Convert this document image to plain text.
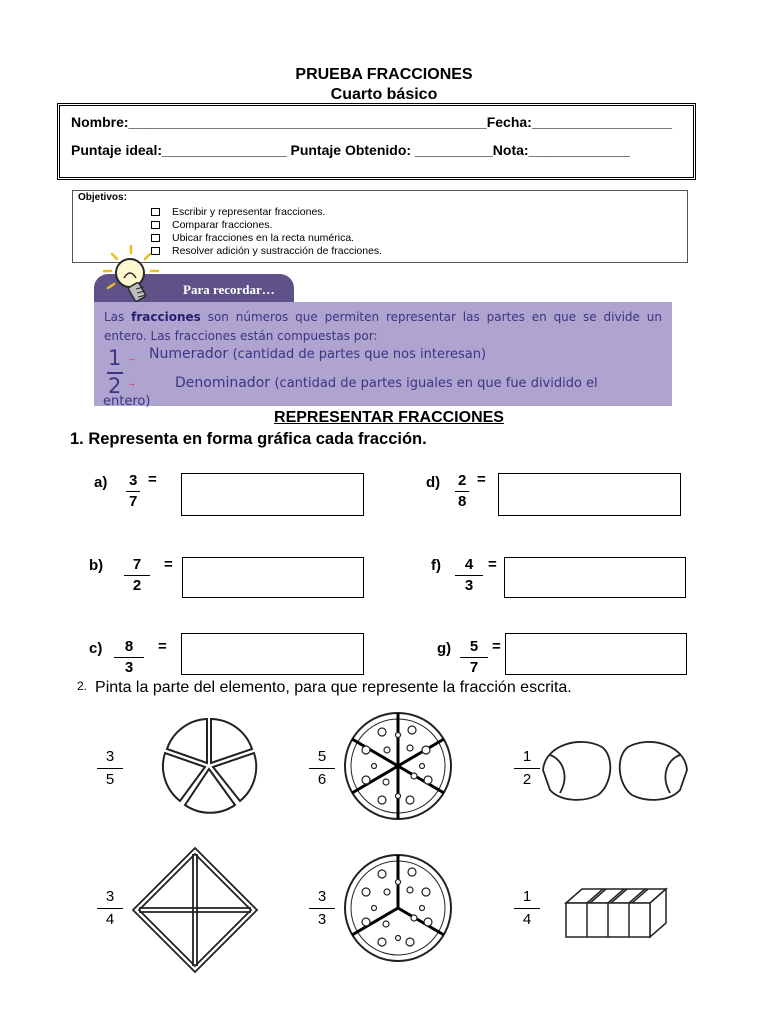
PRUEBA FRACCIONES
Cuarto básico
Nombre:______________________________________________Fecha:__________________
Puntaje ideal:________________ Puntaje Obtenido: __________Nota:_____________
Objetivos:
Escribir y representar fracciones.
Comparar fracciones.
Ubicar fracciones en la recta numérica.
Resolver adición y sustracción de fracciones.
Para recordar…
Las fracciones son números que permiten representar las partes en que se divide un entero. Las fracciones están compuestas por:
1
2
→
→
Numerador (cantidad de partes que nos interesan)
Denominador (cantidad de partes iguales en que fue dividido el
entero)
REPRESENTAR FRACCIONES
1. Representa en forma gráfica cada fracción.
$a) \frac{3}{7}$ =	$d) \frac{2}{8}$ =
$b) \frac{7}{2}$ =	$f) \frac{4}{3}$ =
$c) \frac{8}{3}$ =	$g) \frac{5}{7}$ =
2. Pinta la parte del elemento, para que represente la fracción escrita.
$\frac{3}{5}$	$\frac{5}{6}$	$\frac{1}{2}$
$\frac{3}{4}$	$\frac{3}{3}$	$\frac{1}{4}$
